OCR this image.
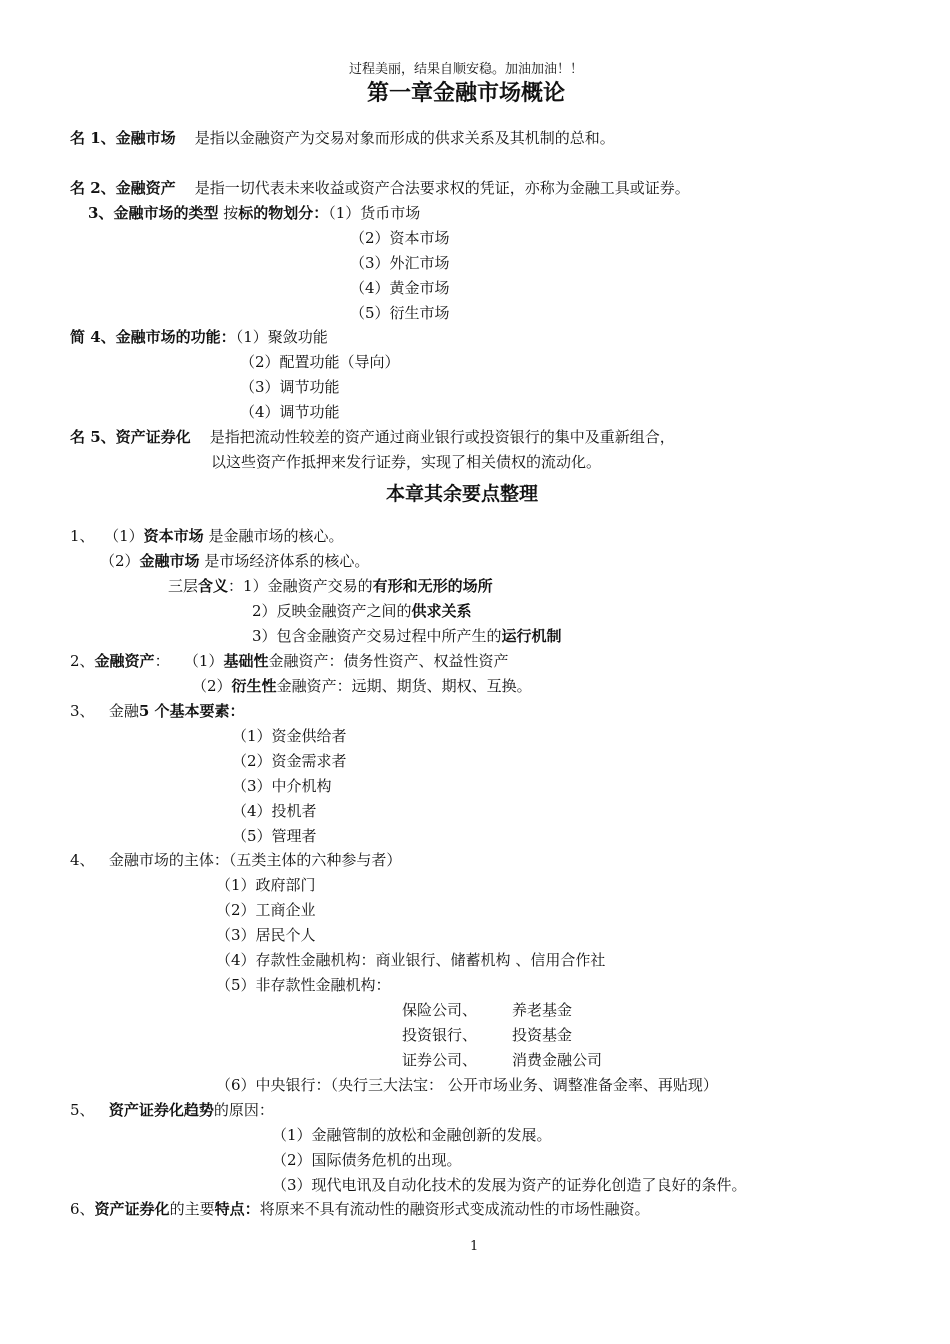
过程美丽，结果自顺安稳。加油加油！！
第一章金融市场概论
名 1、金融市场 是指以金融资产为交易对象而形成的供求关系及其机制的总和。
名 2、金融资产 是指一切代表未来收益或资产合法要求权的凭证，亦称为金融工具或证券。
3、金融市场的类型 按标的物划分：（1）货币市场
（2）资本市场
（3）外汇市场
（4）黄金市场
（5）衍生市场
简 4、金融市场的功能：（1）聚敛功能
（2）配置功能（导向）
（3）调节功能
（4）调节功能
名 5、资产证券化 是指把流动性较差的资产通过商业银行或投资银行的集中及重新组合，
以这些资产作抵押来发行证券，实现了相关债权的流动化。
本章其余要点整理
1、 （1）资本市场 是金融市场的核心。
（2）金融市场 是市场经济体系的核心。
三层含义：1）金融资产交易的有形和无形的场所
2）反映金融资产之间的供求关系
3）包含金融资产交易过程中所产生的运行机制
2、金融资产： （1）基础性金融资产：债务性资产、权益性资产
（2）衍生性金融资产：远期、期货、期权、互换。
3、 金融5 个基本要素：
（1）资金供给者
（2）资金需求者
（3）中介机构
（4）投机者
（5）管理者
4、 金融市场的主体：（五类主体的六种参与者）
（1）政府部门
（2）工商企业
（3）居民个人
（4）存款性金融机构：商业银行、储蓄机构 、信用合作社
（5）非存款性金融机构：
保险公司、 养老基金
投资银行、 投资基金
证券公司、 消费金融公司
（6）中央银行：（央行三大法宝： 公开市场业务、调整准备金率、再贴现）
5、 资产证券化趋势的原因：
（1）金融管制的放松和金融创新的发展。
（2）国际债务危机的出现。
（3）现代电讯及自动化技术的发展为资产的证券化创造了良好的条件。
6、资产证券化的主要特点：将原来不具有流动性的融资形式变成流动性的市场性融资。
1
